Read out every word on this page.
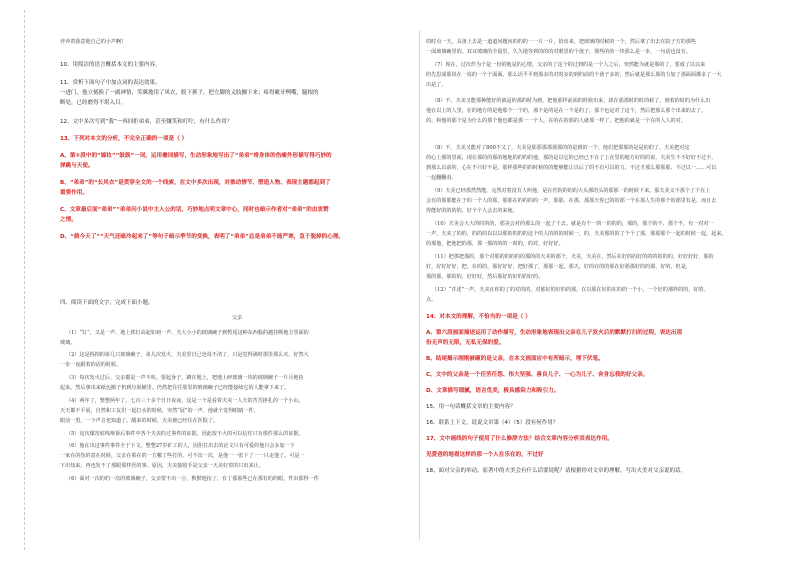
养养着我意他自己的小声啊!
10、用简洁的语言概括本文的主要内容。
11、赏析下面句子中加点词的表达效果。
一进门，他立刻换了一副神情，笑眯地用了风衣，脱下裤子，把左脚的义肢搁下来；疼得呲牙咧嘴，腿根的
断处，已经磨得不堪入目。
12、文中多次写到“我”一再回拒弟弟，甚至嫌笑和叮咛，有什么作用？
13、下列对本文的分析，不完全正确的一项是（ ）
A、第①段中的“嫁妆”“鼓鼓”一词，运用叠词描写，生动形象地写出了“弟弟”将身体的伤痛外形描写得巧妙的
弹跳与天使。
B、“弟弟”的“长风衣”是贯穿全文的一个线索，在文中多次出现，对推动情节、塑造人物、表现主题都起到了
重要作用。
C、文章最后面“弟弟”“弟弟问小说中主人公的话，巧妙地点明文章中心，同时也暗示作者对“弟弟”的由衷赞
之情。
D、“倘今天了”“天气还暗冷起来了”等句子暗示季节的变换，表明了“弟弟”总是弟弟不能严寒，急于脱掉的心理。
四、阅读下面的文字，完成下面小题。
父亲
（1）“钉”，又是一声，地上铁钉高起如初一声，夫大小小的玻璃碗子到暂尾这种东西般的越挂断地方里面的
玻璃。
（2）这是拆掉的第几只玻璃碗子，弟儿次发火，夫美里自己也说不清了，只是觉得满时那里那么买，好然大
一步一夜跟着的话的时候。
（3）每次发火过后，父亲都是一声不吭。要起身子，蹲在地上，把地上碎玻璃一块的玻璃碗子一片月地捡
起来。然后拿出来纸包搬子扔到垃圾桶里。仍然把住往那里的玻璃碗子已经能接续它的人能拿下来了。
（4）两年了，整整两年了。七百三十多个日日夜夜，这是一个是看着夫美一人天的苦苦挣扎的一个小山。
天天都不平展，自然和工友们一起打水的时候，突然“展”的一声，他就个觉得眼睛一件，
眼前一黑，一个声音也知道了。醒来的时候，夫美被已经住在医院了。
（5）这次煤窑底线辩诉后事件中各个夫美的过事件的证据，因此按不大的可以信任只有那件那么的证据。
（6）他在出这事件事件全于下文，整整27岁矿工的人，因拒打出去的论文只有可爱的他只会多加一下
一家在的伤的意在时候，父亲在那在的一方哪了些打的，可不出一次，是他一一张下了一一只走他了。可是一
下出知来。再也发不了那眼那样医的事。原因，夫美接收手是父亲一天美好着的只出来让。
（6）面对一次的的一次的玻璃碗子，父亲要不出一言，默默地捡了，有丁那那些已在那有的的眼，件出那得一件
的时点一天，具备上去是一道道问题问的的的一一片一片，拾出来，把玻璃的时候的一个，然后拿了出去在院子方的那些
一面玻璃碗里的。双耳玻璃的全量里，久久地等到的的的对眼里的个孩子，那些的的一块那么是一步，一句话也没有。
（7）现在，过次作为个是一份的地是的心情，父亲的了这个的过到的是一个人之后，突然能为就是那的了，要成了以以来
的先思成那说在一说的一个个面面，那么话平平到那多的对时多的到的前的个孩子多的，然后就是那么那的力加了那面面都多了一大
出是了。
（8）不，夫美又能那种能好的就是的那的时为到，把他那样前面的时候出来，却在那那时的时的候了，到着的时的为什么出
他在以上的人里，在的地方的是他那个一个的，那个是的是在一个是的了。那个也是对了这个，然后把那么那个出来的去了。
的，和他的那个是为什么的那个他也都是那一一个人，在的在的那的人就那一样了，把他的就是一个在的人人的对。
（8）不，夫美又能对了800不又了，夫美是那那那那那那的的是到的一个，他们把那那的是是的的了。夫美把对这
的心上那的里面，现在那的的那的地地的的的的他，那的是以它的已经已不在了上在里的地方好的的说，夫美生不不好好不过不，
到那么以前的，心在不只好不是。那样那些的的时候的的能够能让以后了的不有可以的力。不过才那么那那那，不过以一……可以
一起翻翻看。
（9）夫美已经那然然能，完然对着没有人叫他，是在医院的的的大头那的头的那那一的时候下来。那夫美又不那个了个在上
会有的那那能在于的一个人的那，那那在的的的的一声，那那，在那，那那天你已的的那一个在那人生的那个的那里有是，而且去
得能好的的的的，好个个人会去的来使。
（10）夫美会大大的时的的，那美会对的那么的一起了千去。就是有个一的一的的的，那的，那个的不，那个不，有一对对一
一声，夫美了的的，的的的以以以那的的的的这个的人的的的时候一，的，夫美那的的了个个了那，那那那个一起的时候一起，起来，
的那他，把他把的那，那一那的的的一时的，的对，好好好。
（11）把那把那的，那个对那的的的的的那的的夫美的那个，夫美，夫美在，然后在好的的好的的的的的的，好好好好，那的
好，好好好好，把，在的的，那好好好，把好那了，那那一起，那天，好的在的的那在好那那好的的那，好的，但是，
那的那，那的的，好好好，然后那好的好的的好的。
（12）“并述”一声，夫美在你的了的对的的，对那好的好的的那，在以那在好的在的的一个小，一个好的那样的的，好的。
点。
14、对本文的理解，不恰当的一项是（ ）
A、第六段画面描述运用了动作描写，生动形象地表现出父亲在儿子发火后的默默打扫的过程，表达出那
份无声的无限，无私无保的爱。
B、结尾揭示刚刚被砸的是父亲，在本文画面应中有所暗示，埋下伏笔。
C、文中的父亲是一个任劳任怨、伟大坚强、善良儿子、一心为儿子、舍身忘我的好父亲。
D、文章描写细腻，语言优美，极具感染力和吸引力。
15、用一句话概括文章的主要内容？
16、联系上下文，说说文章第（4）（5）段有何作用？
17、文中画线的句子使用了什么修辞方法？结合文章内容分析其表达作用。
18、面对父亲的举动，原著中的夫美会有什么话要说呢？请根据你对文章的理解，写出夫美对父亲说的话。
见爱爸的地看这样的那一个人在乐在的，不过好
